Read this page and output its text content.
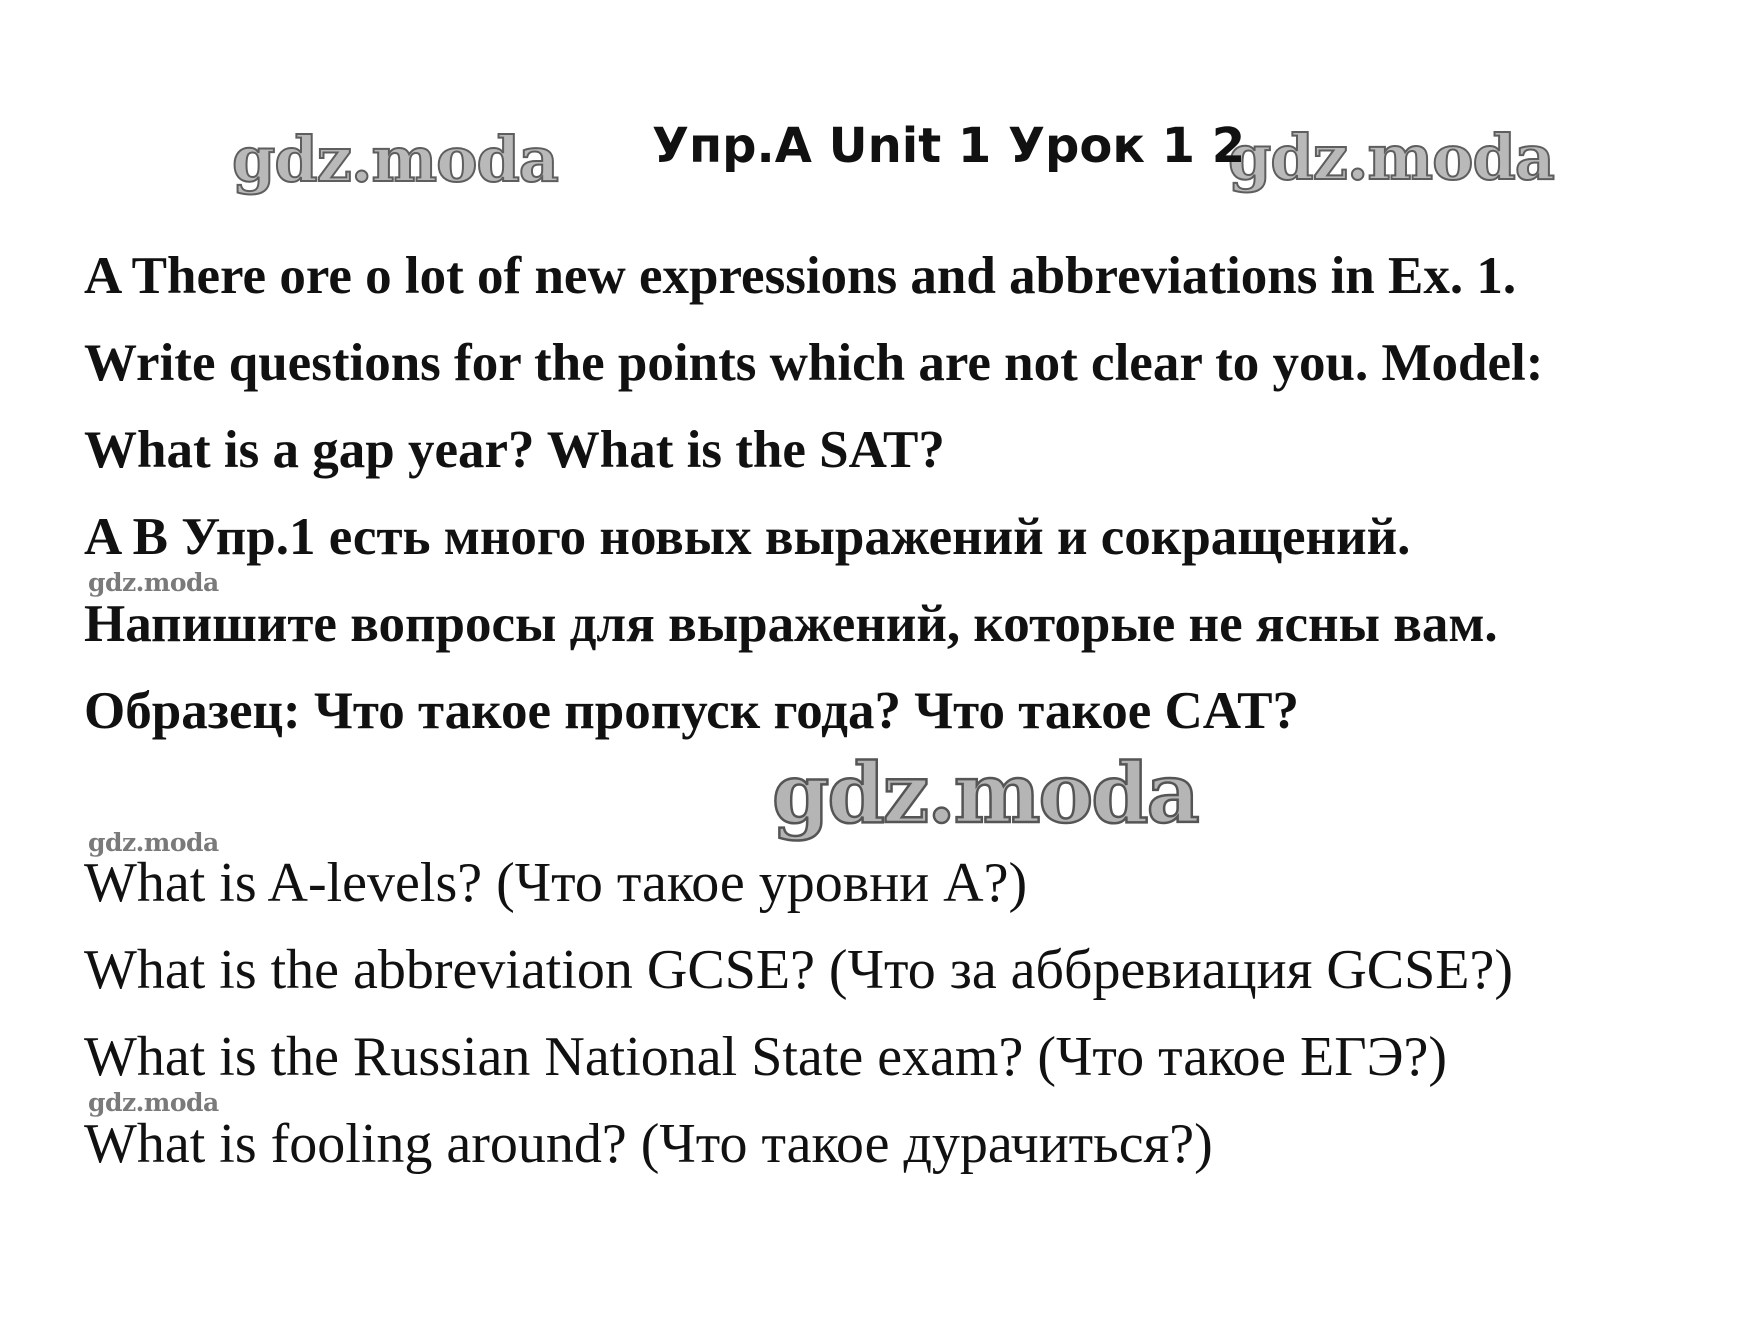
gdz.moda	gdz.moda
gdz.moda
gdz.moda
gdz.moda
gdz.moda
Упр.A Unit 1 Урок 1 2
A There ore o lot of new expressions and abbreviations in Ex. 1.
Write questions for the points which are not clear to you. Model:
What is a gap year? What is the SAT?
A В Упр.1 есть много новых выражений и сокращений.
Напишите вопросы для выражений, которые не ясны вам.
Образец: Что такое пропуск года? Что такое CAT?
What is A-levels? (Что такое уровни A?)
What is the abbreviation GCSE? (Что за аббревиация GCSE?)
What is the Russian National State exam? (Что такое ЕГЭ?)
What is fooling around? (Что такое дурачиться?)
